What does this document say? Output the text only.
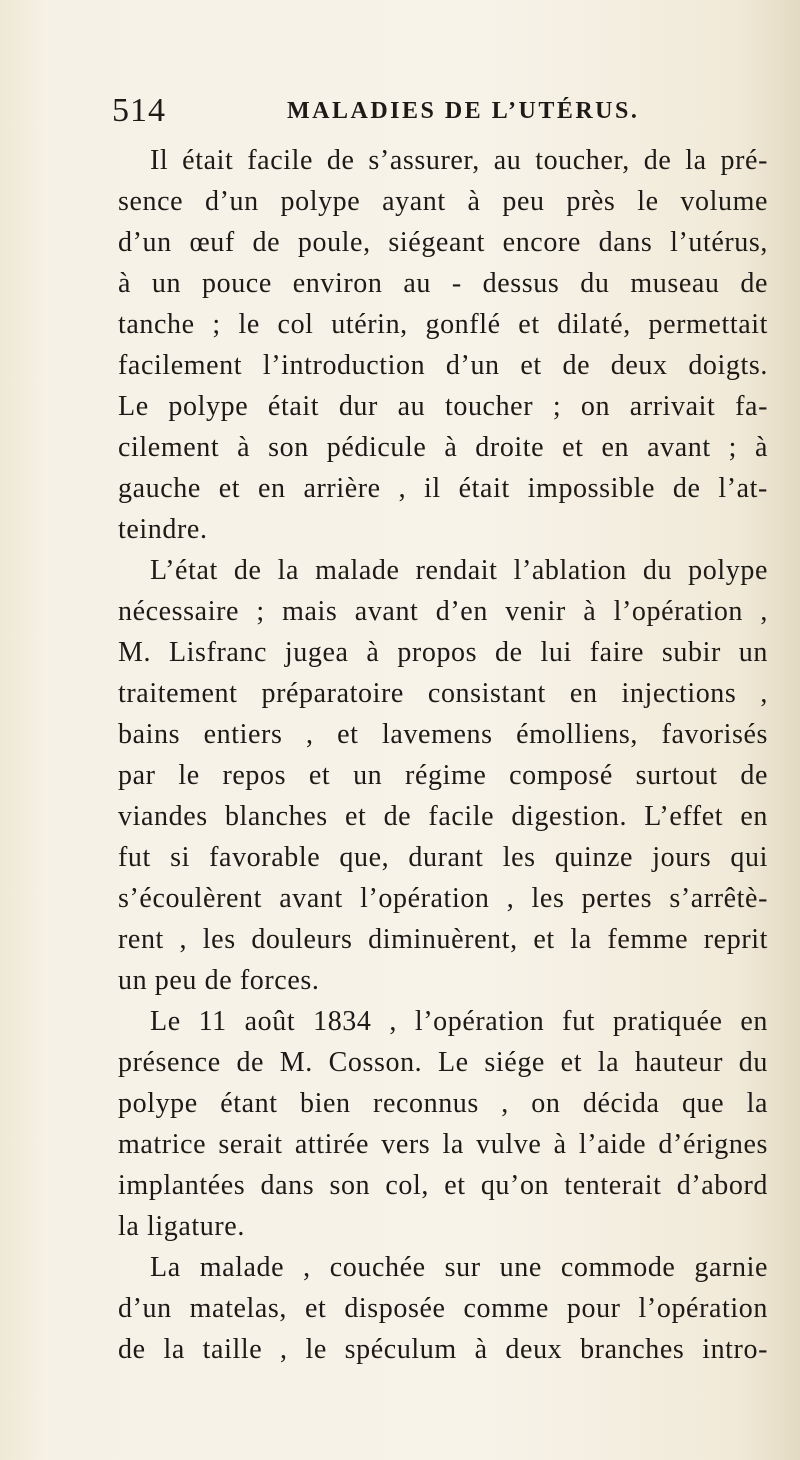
514	MALADIES DE L’UTÉRUS.
Il était facile de s’assurer, au toucher, de la pré-
sence d’un polype ayant à peu près le volume
d’un œuf de poule, siégeant encore dans l’utérus,
à un pouce environ au - dessus du museau de
tanche ; le col utérin, gonflé et dilaté, permettait
facilement l’introduction d’un et de deux doigts.
Le polype était dur au toucher ; on arrivait fa-
cilement à son pédicule à droite et en avant ; à
gauche et en arrière , il était impossible de l’at-
teindre.
L’état de la malade rendait l’ablation du polype
nécessaire ; mais avant d’en venir à l’opération ,
M. Lisfranc jugea à propos de lui faire subir un
traitement préparatoire consistant en injections ,
bains entiers , et lavemens émolliens, favorisés
par le repos et un régime composé surtout de
viandes blanches et de facile digestion. L’effet en
fut si favorable que, durant les quinze jours qui
s’écoulèrent avant l’opération , les pertes s’arrêtè-
rent , les douleurs diminuèrent, et la femme reprit
un peu de forces.
Le 11 août 1834 , l’opération fut pratiquée en
présence de M. Cosson. Le siége et la hauteur du
polype étant bien reconnus , on décida que la
matrice serait attirée vers la vulve à l’aide d’érignes
implantées dans son col, et qu’on tenterait d’abord
la ligature.
La malade , couchée sur une commode garnie
d’un matelas, et disposée comme pour l’opération
de la taille , le spéculum à deux branches intro-
